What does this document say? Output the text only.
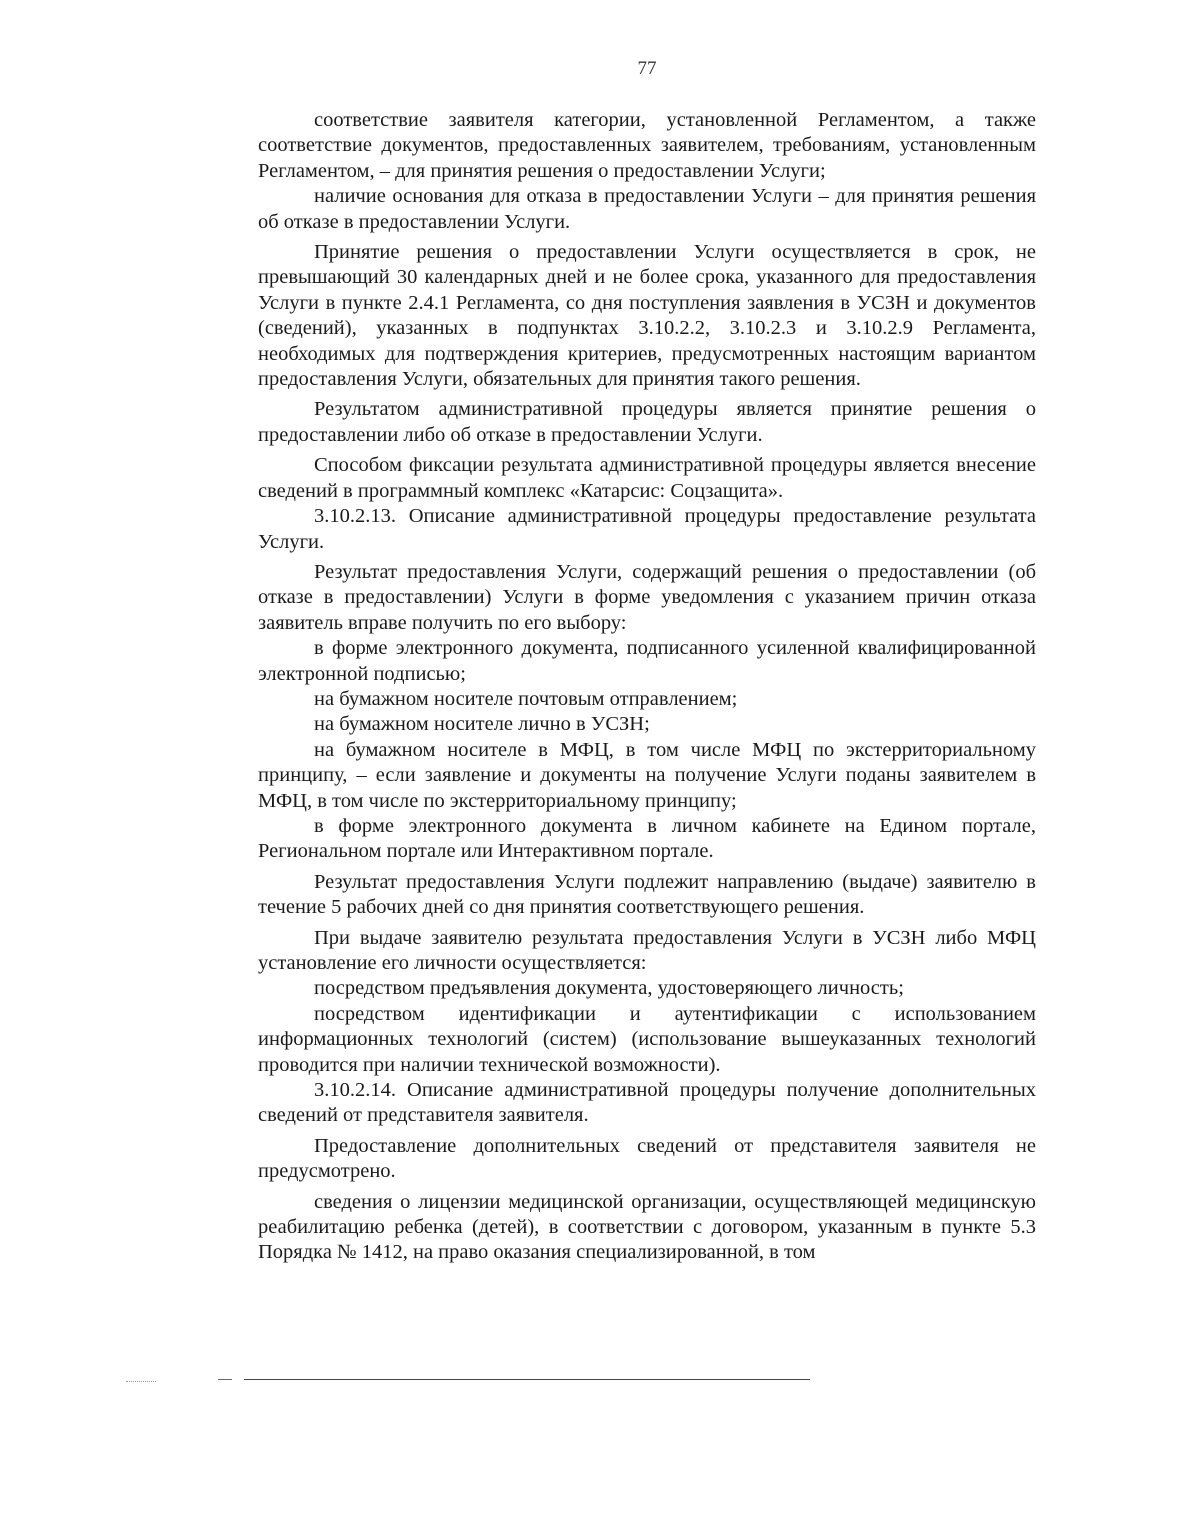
77

соответствие заявителя категории, установленной Регламентом, а также соответствие документов, предоставленных заявителем, требованиям, установленным Регламентом, – для принятия решения о предоставлении Услуги;

наличие основания для отказа в предоставлении Услуги – для принятия решения об отказе в предоставлении Услуги.

Принятие решения о предоставлении Услуги осуществляется в срок, не превышающий 30 календарных дней и не более срока, указанного для предоставления Услуги в пункте 2.4.1 Регламента, со дня поступления заявления в УСЗН и документов (сведений), указанных в подпунктах 3.10.2.2, 3.10.2.3 и 3.10.2.9 Регламента, необходимых для подтверждения критериев, предусмотренных настоящим вариантом предоставления Услуги, обязательных для принятия такого решения.

Результатом административной процедуры является принятие решения о предоставлении либо об отказе в предоставлении Услуги.

Способом фиксации результата административной процедуры является внесение сведений в программный комплекс «Катарсис: Соцзащита».

3.10.2.13. Описание административной процедуры предоставление результата Услуги.

Результат предоставления Услуги, содержащий решения о предоставлении (об отказе в предоставлении) Услуги в форме уведомления с указанием причин отказа заявитель вправе получить по его выбору:

в форме электронного документа, подписанного усиленной квалифицированной электронной подписью;

на бумажном носителе почтовым отправлением;

на бумажном носителе лично в УСЗН;

на бумажном носителе в МФЦ, в том числе МФЦ по экстерриториальному принципу, – если заявление и документы на получение Услуги поданы заявителем в МФЦ, в том числе по экстерриториальному принципу;

в форме электронного документа в личном кабинете на Едином портале, Региональном портале или Интерактивном портале.

Результат предоставления Услуги подлежит направлению (выдаче) заявителю в течение 5 рабочих дней со дня принятия соответствующего решения.

При выдаче заявителю результата предоставления Услуги в УСЗН либо МФЦ установление его личности осуществляется:

посредством предъявления документа, удостоверяющего личность;

посредством идентификации и аутентификации с использованием информационных технологий (систем) (использование вышеуказанных технологий проводится при наличии технической возможности).

3.10.2.14. Описание административной процедуры получение дополнительных сведений от представителя заявителя.

Предоставление дополнительных сведений от представителя заявителя не предусмотрено.

сведения о лицензии медицинской организации, осуществляющей медицинскую реабилитацию ребенка (детей), в соответствии с договором, указанным в пункте 5.3 Порядка № 1412, на право оказания специализированной, в том
